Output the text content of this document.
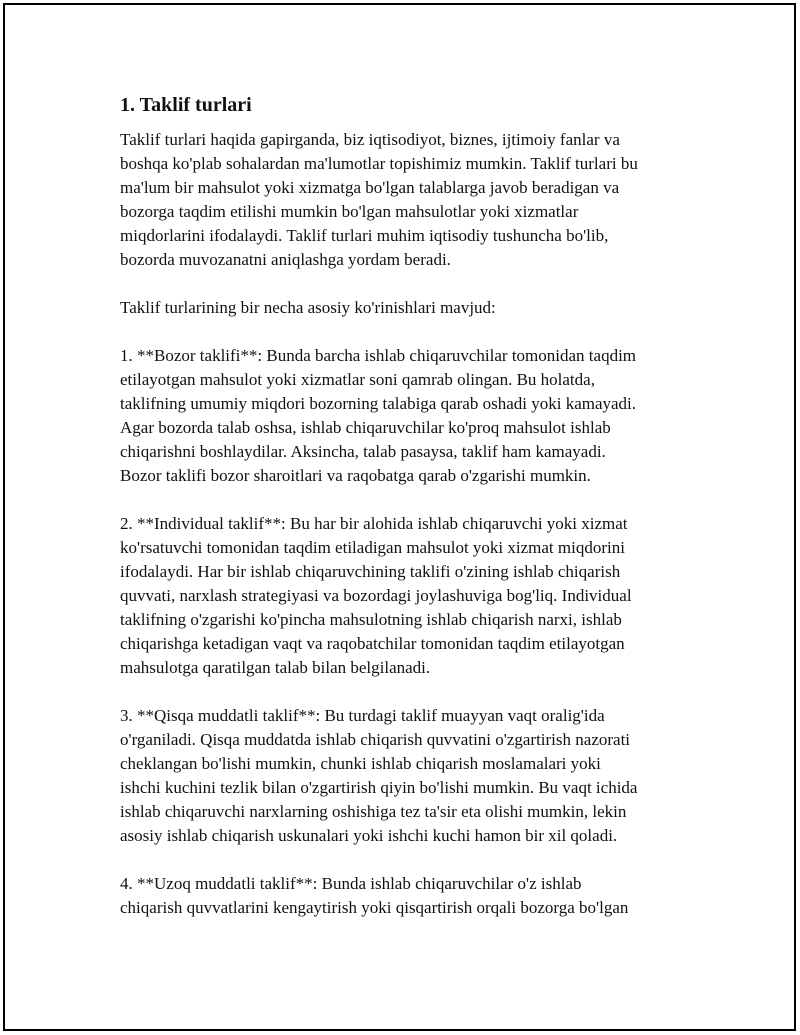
1. Taklif turlari

Taklif turlari haqida gapirganda, biz iqtisodiyot, biznes, ijtimoiy fanlar va
boshqa ko'plab sohalardan ma'lumotlar topishimiz mumkin. Taklif turlari bu
ma'lum bir mahsulot yoki xizmatga bo'lgan talablarga javob beradigan va
bozorga taqdim etilishi mumkin bo'lgan mahsulotlar yoki xizmatlar
miqdorlarini ifodalaydi. Taklif turlari muhim iqtisodiy tushuncha bo'lib,
bozorda muvozanatni aniqlashga yordam beradi.

Taklif turlarining bir necha asosiy ko'rinishlari mavjud:

1. **Bozor taklifi**: Bunda barcha ishlab chiqaruvchilar tomonidan taqdim
etilayotgan mahsulot yoki xizmatlar soni qamrab olingan. Bu holatda,
taklifning umumiy miqdori bozorning talabiga qarab oshadi yoki kamayadi.
Agar bozorda talab oshsa, ishlab chiqaruvchilar ko'proq mahsulot ishlab
chiqarishni boshlaydilar. Aksincha, talab pasaysa, taklif ham kamayadi.
Bozor taklifi bozor sharoitlari va raqobatga qarab o'zgarishi mumkin.

2. **Individual taklif**: Bu har bir alohida ishlab chiqaruvchi yoki xizmat
ko'rsatuvchi tomonidan taqdim etiladigan mahsulot yoki xizmat miqdorini
ifodalaydi. Har bir ishlab chiqaruvchining taklifi o'zining ishlab chiqarish
quvvati, narxlash strategiyasi va bozordagi joylashuviga bog'liq. Individual
taklifning o'zgarishi ko'pincha mahsulotning ishlab chiqarish narxi, ishlab
chiqarishga ketadigan vaqt va raqobatchilar tomonidan taqdim etilayotgan
mahsulotga qaratilgan talab bilan belgilanadi.

3. **Qisqa muddatli taklif**: Bu turdagi taklif muayyan vaqt oralig'ida
o'rganiladi. Qisqa muddatda ishlab chiqarish quvvatini o'zgartirish nazorati
cheklangan bo'lishi mumkin, chunki ishlab chiqarish moslamalari yoki
ishchi kuchini tezlik bilan o'zgartirish qiyin bo'lishi mumkin. Bu vaqt ichida
ishlab chiqaruvchi narxlarning oshishiga tez ta'sir eta olishi mumkin, lekin
asosiy ishlab chiqarish uskunalari yoki ishchi kuchi hamon bir xil qoladi.

4. **Uzoq muddatli taklif**: Bunda ishlab chiqaruvchilar o'z ishlab
chiqarish quvvatlarini kengaytirish yoki qisqartirish orqali bozorga bo'lgan
